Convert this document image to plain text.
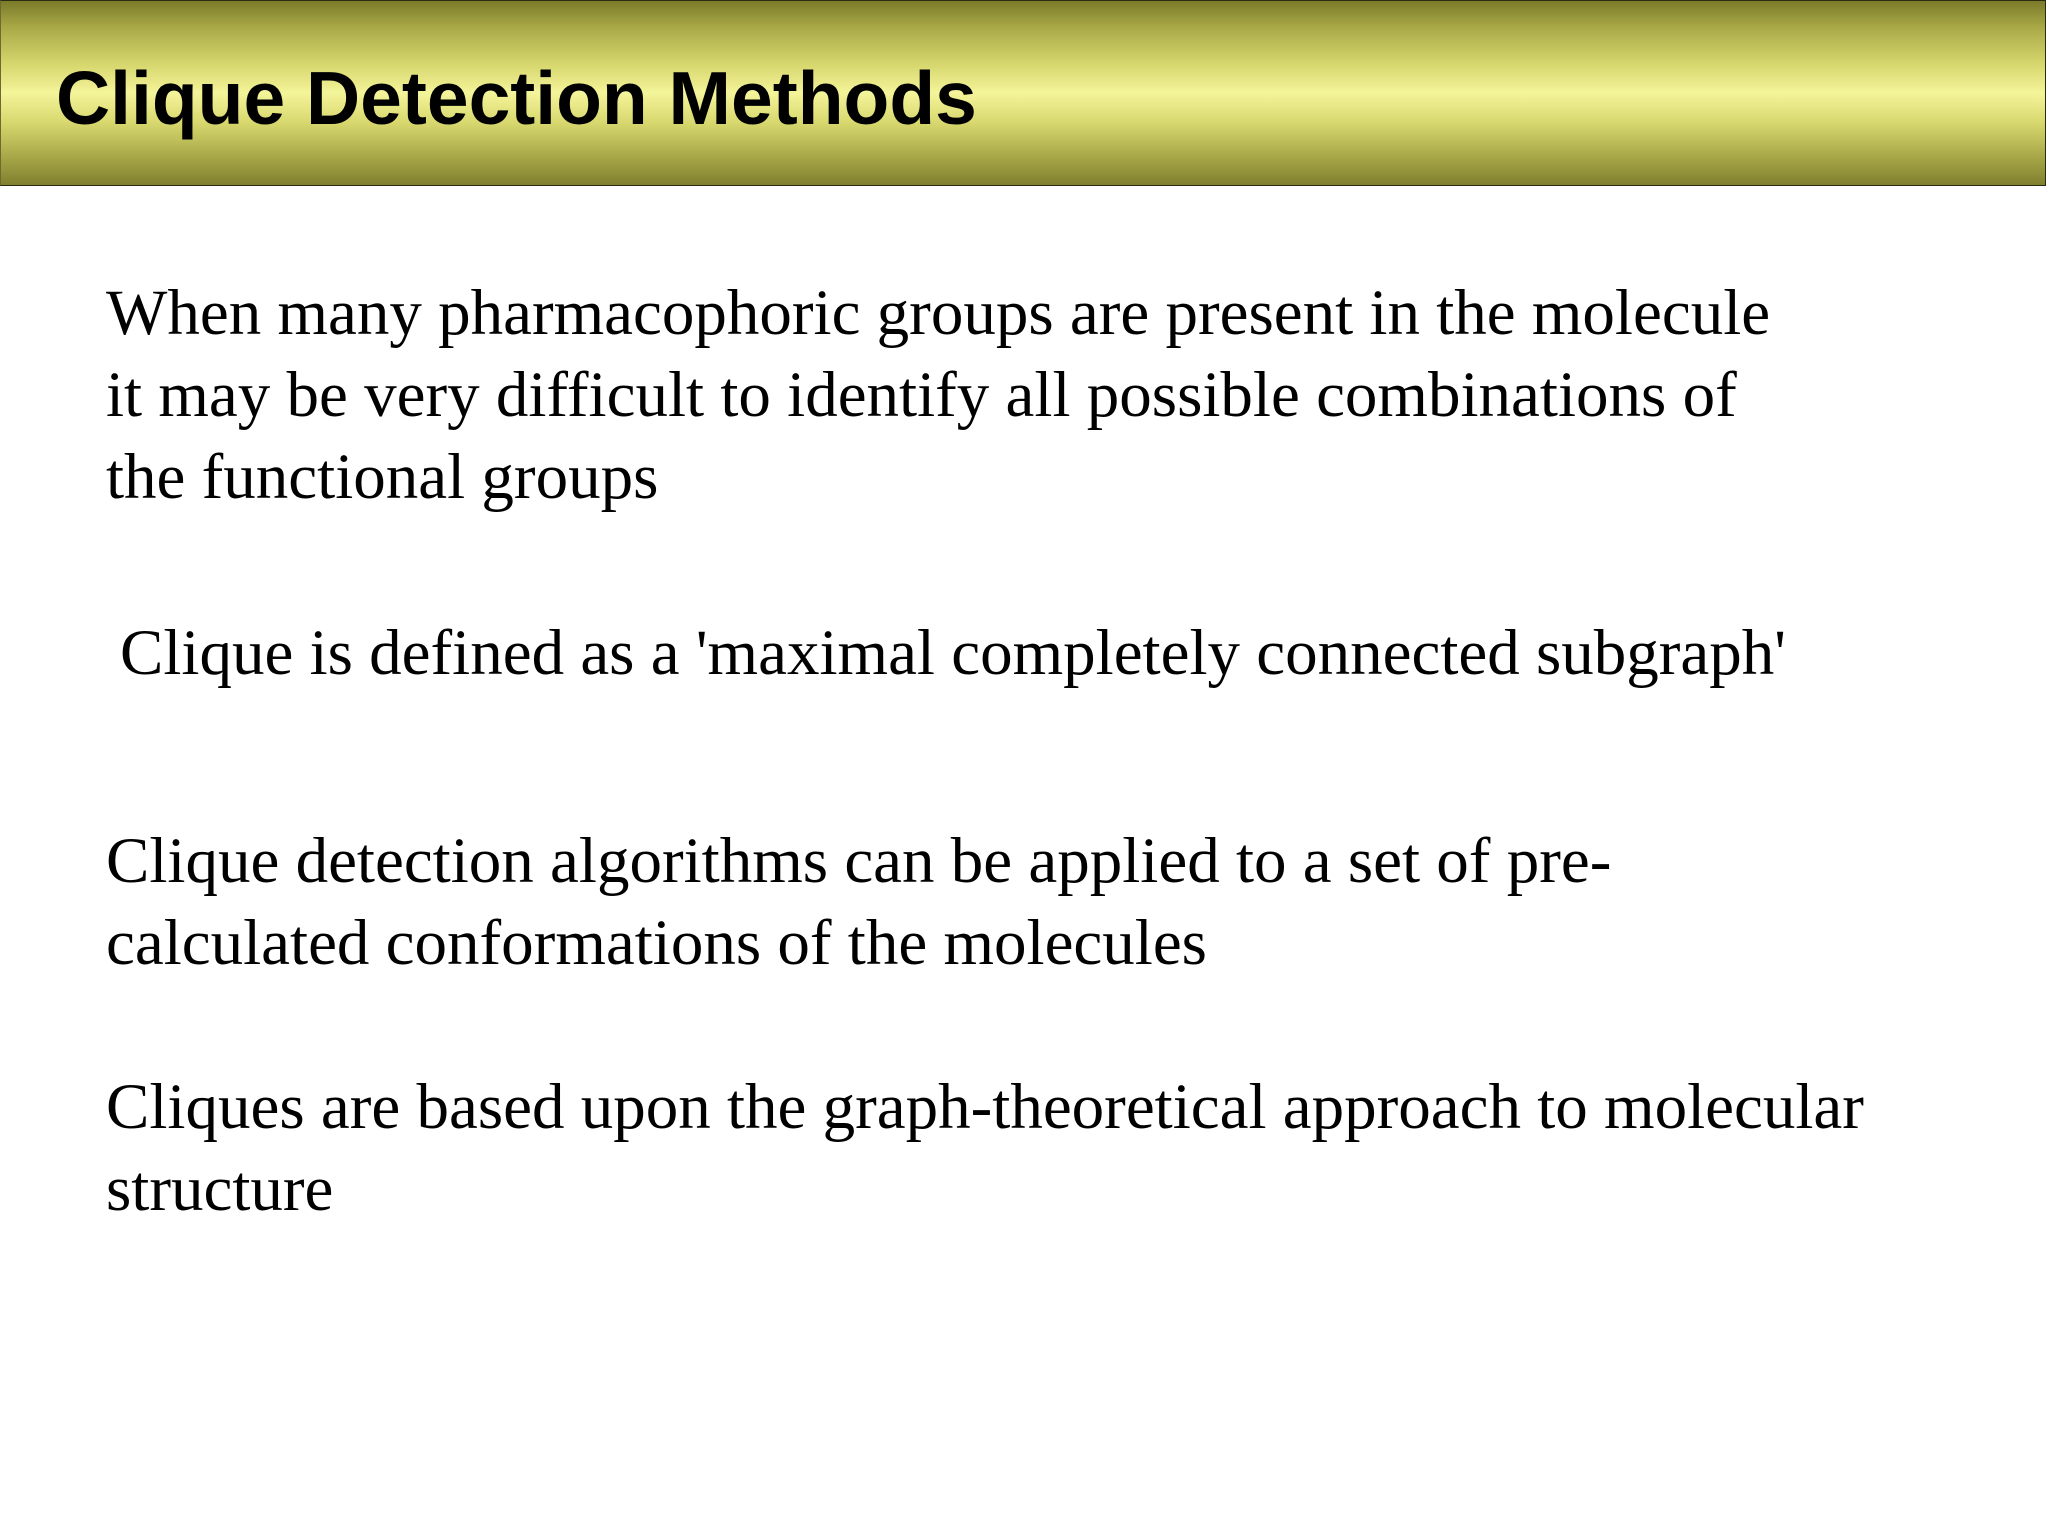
Clique Detection Methods
When many pharmacophoric groups are present in the molecule
it may be very difficult to identify all possible combinations of
the functional groups
Clique is defined as a 'maximal completely connected subgraph'
Clique detection algorithms can be applied to a set of pre-
calculated conformations of the molecules
Cliques are based upon the graph-theoretical approach to molecular
structure
